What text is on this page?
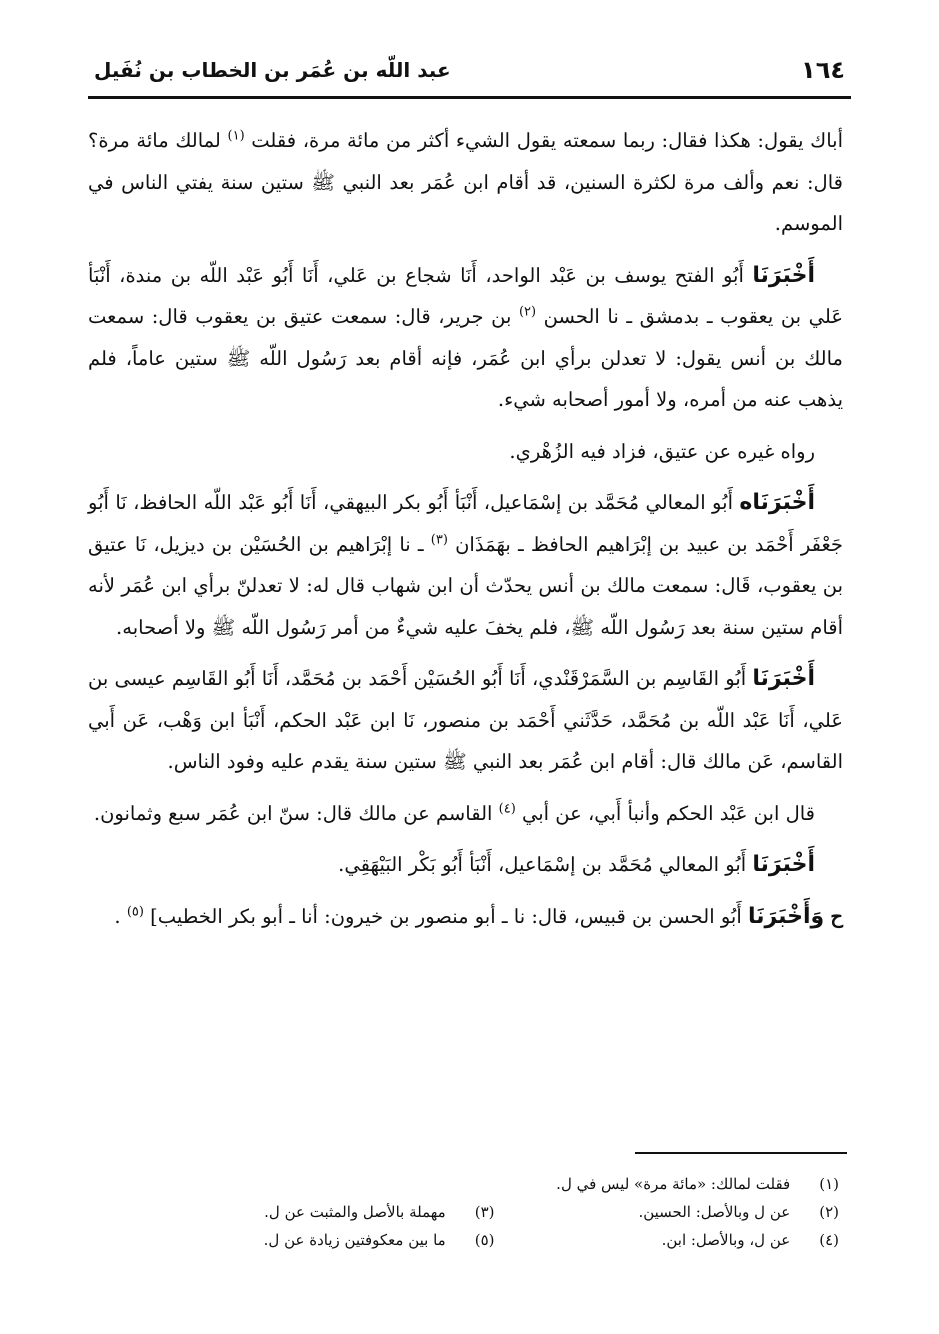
١٦٤
عبد اللّه بن عُمَر بن الخطاب بن نُفَيل

أباك يقول: هكذا فقال: ربما سمعته يقول الشيء أكثر من مائة مرة، فقلت $^{(١)}$ لمالك مائة مرة؟ قال: نعم وألف مرة لكثرة السنين، قد أقام ابن عُمَر بعد النبي ﷺ ستين سنة يفتي الناس في الموسم.

أَخْبَرَنَا أَبُو الفتح يوسف بن عَبْد الواحد، أَنَا شجاع بن عَلي، أَنَا أَبُو عَبْد اللّه بن مندة، أَنْبَأ عَلي بن يعقوب ـ بدمشق ـ نا الحسن $^{(٢)}$ بن جرير، قال: سمعت عتيق بن يعقوب قال: سمعت مالك بن أنس يقول: لا تعدلن برأي ابن عُمَر، فإنه أقام بعد رَسُول اللّه ﷺ ستين عاماً، فلم يذهب عنه من أمره، ولا أمور أصحابه شيء.

رواه غيره عن عتيق، فزاد فيه الزُهْري.

أَخْبَرَنَاه أَبُو المعالي مُحَمَّد بن إسْمَاعيل، أَنْبَأ أَبُو بكر البيهقي، أَنَا أَبُو عَبْد اللّه الحافظ، نَا أَبُو جَعْفَر أَحْمَد بن عبيد بن إبْرَاهيم الحافظ ـ بهَمَذَان $^{(٣)}$ ـ نا إبْرَاهيم بن الحُسَيْن بن ديزيل، نَا عتيق بن يعقوب، قَال: سمعت مالك بن أنس يحدّث أن ابن شهاب قال له: لا تعدلنّ برأي ابن عُمَر لأنه أقام ستين سنة بعد رَسُول اللّه ﷺ، فلم يخفَ عليه شيءٌ من أمر رَسُول اللّه ﷺ ولا أصحابه.

أَخْبَرَنَا أَبُو القَاسِم بن السَّمَرْقَنْدي، أَنَا أَبُو الحُسَيْن أَحْمَد بن مُحَمَّد، أَنَا أَبُو القَاسِم عيسى بن عَلي، أَنَا عَبْد اللّه بن مُحَمَّد، حَدَّثَني أَحْمَد بن منصور، نَا ابن عَبْد الحكم، أَنْبَأ ابن وَهْب، عَن أَبي القاسم، عَن مالك قال: أقام ابن عُمَر بعد النبي ﷺ ستين سنة يقدم عليه وفود الناس.

قال ابن عَبْد الحكم وأنبأ أَبي، عن أبي $^{(٤)}$ القاسم عن مالك قال: سنّ ابن عُمَر سبع وثمانون.

أَخْبَرَنَا أَبُو المعالي مُحَمَّد بن إسْمَاعيل، أَنْبَأ أَبُو بَكْر البَيْهَقِي.

ح وَأَخْبَرَنَا أَبُو الحسن بن قبيس، قال: نا ـ أبو منصور بن خيرون: أنا ـ أبو بكر الخطيب] $^{(٥)}$ .

(١) فقلت لمالك: «مائة مرة» ليس في ل.
(٢) عن ل وبالأصل: الحسين.
(٣) مهملة بالأصل والمثبت عن ل.
(٤) عن ل، وبالأصل: ابن.
(٥) ما بين معكوفتين زيادة عن ل.
